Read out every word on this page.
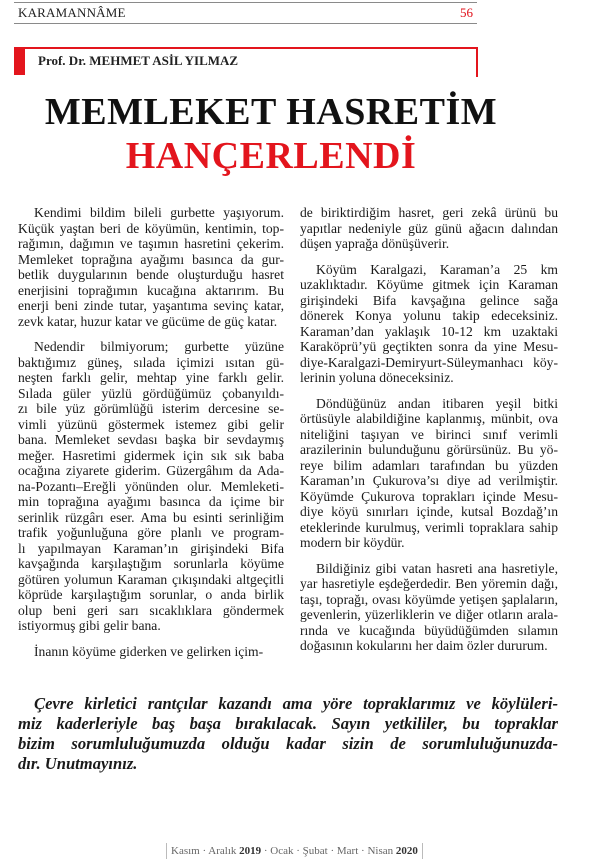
KARAMANNÂME	56
Prof. Dr. MEHMET ASİL YILMAZ
MEMLEKET HASRETİM
HANÇERLENDİ
Kendimi bildim bileli gurbette yaşıyorum.
Küçük yaştan beri de köyümün, kentimin, top-
rağımın, dağımın ve taşımın hasretini çekerim.
Memleket toprağına ayağımı basınca da gur-
betlik duygularının bende oluşturduğu hasret
enerjisini toprağımın kucağına aktarırım. Bu
enerji beni zinde tutar, yaşantıma sevinç katar,
zevk katar, huzur katar ve gücüme de güç katar.
Nedendir bilmiyorum; gurbette yüzüne
baktığımız güneş, sılada içimizi ısıtan gü-
neşten farklı gelir, mehtap yine farklı gelir.
Sılada güler yüzlü gördüğümüz çobanyıldı-
zı bile yüz görümlüğü isterim dercesine se-
vimli yüzünü göstermek istemez gibi gelir
bana. Memleket sevdası başka bir sevdaymış
meğer. Hasretimi gidermek için sık sık baba
ocağına ziyarete giderim. Güzergâhım da Ada-
na-Pozantı–Ereğli yönünden olur. Memleketi-
min toprağına ayağımı basınca da içime bir
serinlik rüzgârı eser. Ama bu esinti serinliğim
trafik yoğunluğuna göre planlı ve program-
lı yapılmayan Karaman’ın girişindeki Bifa
kavşağında karşılaştığım sorunlarla köyüme
götüren yolumun Karaman çıkışındaki altgeçitli
köprüde karşılaştığım sorunlar, o anda birlik
olup beni geri sarı sıcaklıklara göndermek
istiyormuş gibi gelir bana.
İnanın köyüme giderken ve gelirken içim-
de biriktirdiğim hasret, geri zekâ ürünü bu
yapıtlar nedeniyle güz günü ağacın dalından
düşen yaprağa dönüşüverir.
Köyüm Karalgazi, Karaman’a 25 km
uzaklıktadır. Köyüme gitmek için Karaman
girişindeki Bifa kavşağına gelince sağa
dönerek Konya yolunu takip edeceksiniz.
Karaman’dan yaklaşık 10-12 km uzaktaki
Karaköprü’yü geçtikten sonra da yine Mesu-
diye-Karalgazi-Demiryurt-Süleymanhacı köy-
lerinin yoluna döneceksiniz.
Döndüğünüz andan itibaren yeşil bitki
örtüsüyle alabildiğine kaplanmış, münbit, ova
niteliğini taşıyan ve birinci sınıf verimli
arazilerinin bulunduğunu görürsünüz. Bu yö-
reye bilim adamları tarafından bu yüzden
Karaman’ın Çukurova’sı diye ad verilmiştir.
Köyümde Çukurova toprakları içinde Mesu-
diye köyü sınırları içinde, kutsal Bozdağ’ın
eteklerinde kurulmuş, verimli topraklara sahip
modern bir köydür.
Bildiğiniz gibi vatan hasreti ana hasretiyle,
yar hasretiyle eşdeğerdedir. Ben yöremin dağı,
taşı, toprağı, ovası köyümde yetişen şaplaların,
gevenlerin, yüzerliklerin ve diğer otların arala-
rında ve kucağında büyüdüğümden sılamın
doğasının kokularını her daim özler dururum.
Çevre kirletici rantçılar kazandı ama yöre topraklarımız ve köylüleri-
miz kaderleriyle baş başa bırakılacak. Sayın yetkililer, bu topraklar
bizim sorumluluğumuzda olduğu kadar sizin de sorumluluğunuzda-
dır. Unutmayınız.
Kasım · Aralık 2019 · Ocak · Şubat · Mart · Nisan 2020
